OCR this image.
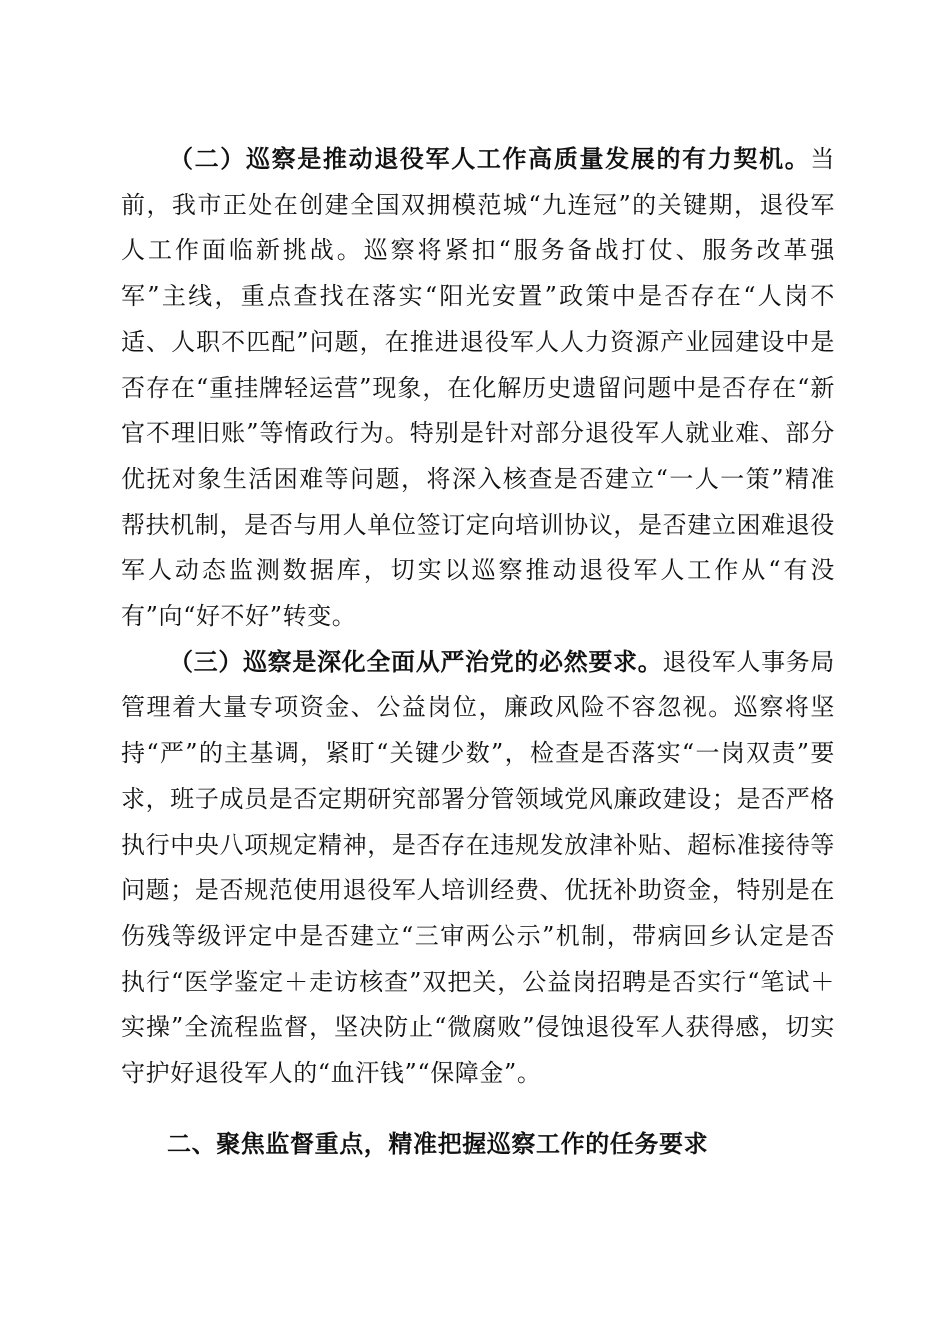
（二）巡察是推动退役军人工作高质量发展的有力契机。当前，我市正处在创建全国双拥模范城“九连冠”的关键期，退役军人工作面临新挑战。巡察将紧扣“服务备战打仗、服务改革强军”主线，重点查找在落实“阳光安置”政策中是否存在“人岗不适、人职不匹配”问题，在推进退役军人人力资源产业园建设中是否存在“重挂牌轻运营”现象，在化解历史遗留问题中是否存在“新官不理旧账”等惰政行为。特别是针对部分退役军人就业难、部分优抚对象生活困难等问题，将深入核查是否建立“一人一策”精准帮扶机制，是否与用人单位签订定向培训协议，是否建立困难退役军人动态监测数据库，切实以巡察推动退役军人工作从“有没有”向“好不好”转变。

（三）巡察是深化全面从严治党的必然要求。退役军人事务局管理着大量专项资金、公益岗位，廉政风险不容忽视。巡察将坚持“严”的主基调，紧盯“关键少数”，检查是否落实“一岗双责”要求，班子成员是否定期研究部署分管领域党风廉政建设；是否严格执行中央八项规定精神，是否存在违规发放津补贴、超标准接待等问题；是否规范使用退役军人培训经费、优抚补助资金，特别是在伤残等级评定中是否建立“三审两公示”机制，带病回乡认定是否执行“医学鉴定＋走访核查”双把关，公益岗招聘是否实行“笔试＋实操”全流程监督，坚决防止“微腐败”侵蚀退役军人获得感，切实守护好退役军人的“血汗钱”“保障金”。

二、聚焦监督重点，精准把握巡察工作的任务要求
